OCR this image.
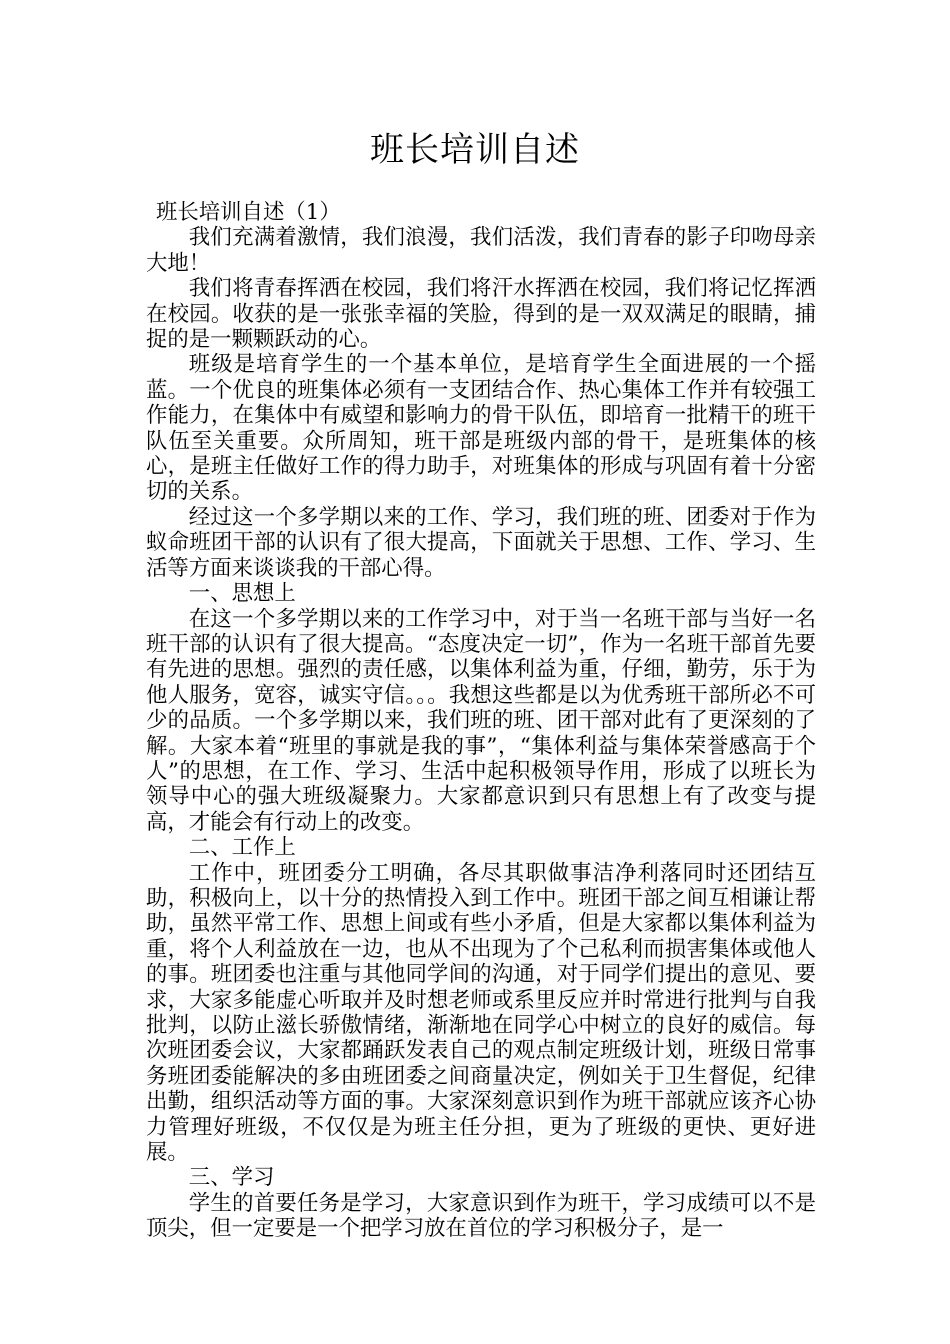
班长培训自述

班长培训自述（1）

我们充满着激情，我们浪漫，我们活泼，我们青春的影子印吻母亲大地！

我们将青春挥洒在校园，我们将汗水挥洒在校园，我们将记忆挥洒在校园。收获的是一张张幸福的笑脸，得到的是一双双满足的眼睛，捕捉的是一颗颗跃动的心。

班级是培育学生的一个基本单位，是培育学生全面进展的一个摇蓝。一个优良的班集体必须有一支团结合作、热心集体工作并有较强工作能力，在集体中有威望和影响力的骨干队伍，即培育一批精干的班干队伍至关重要。众所周知，班干部是班级内部的骨干，是班集体的核心，是班主任做好工作的得力助手，对班集体的形成与巩固有着十分密切的关系。

经过这一个多学期以来的工作、学习，我们班的班、团委对于作为蚁命班团干部的认识有了很大提高，下面就关于思想、工作、学习、生活等方面来谈谈我的干部心得。

一、思想上

在这一个多学期以来的工作学习中，对于当一名班干部与当好一名班干部的认识有了很大提高。“态度决定一切”，作为一名班干部首先要有先进的思想。强烈的责任感，以集体利益为重，仔细，勤劳，乐于为他人服务，宽容，诚实守信。。。我想这些都是以为优秀班干部所必不可少的品质。一个多学期以来，我们班的班、团干部对此有了更深刻的了解。大家本着“班里的事就是我的事”，“集体利益与集体荣誉感高于个人”的思想，在工作、学习、生活中起积极领导作用，形成了以班长为领导中心的强大班级凝聚力。大家都意识到只有思想上有了改变与提高，才能会有行动上的改变。

二、工作上

工作中，班团委分工明确，各尽其职做事洁净利落同时还团结互助，积极向上，以十分的热情投入到工作中。班团干部之间互相谦让帮助，虽然平常工作、思想上间或有些小矛盾，但是大家都以集体利益为重，将个人利益放在一边，也从不出现为了个己私利而损害集体或他人的事。班团委也注重与其他同学间的沟通，对于同学们提出的意见、要求，大家多能虚心听取并及时想老师或系里反应并时常进行批判与自我批判，以防止滋长骄傲情绪，渐渐地在同学心中树立的良好的威信。每次班团委会议，大家都踊跃发表自己的观点制定班级计划，班级日常事务班团委能解决的多由班团委之间商量决定，例如关于卫生督促，纪律出勤，组织活动等方面的事。大家深刻意识到作为班干部就应该齐心协力管理好班级，不仅仅是为班主任分担，更为了班级的更快、更好进展。

三、学习

学生的首要任务是学习，大家意识到作为班干，学习成绩可以不是顶尖，但一定要是一个把学习放在首位的学习积极分子，是一
